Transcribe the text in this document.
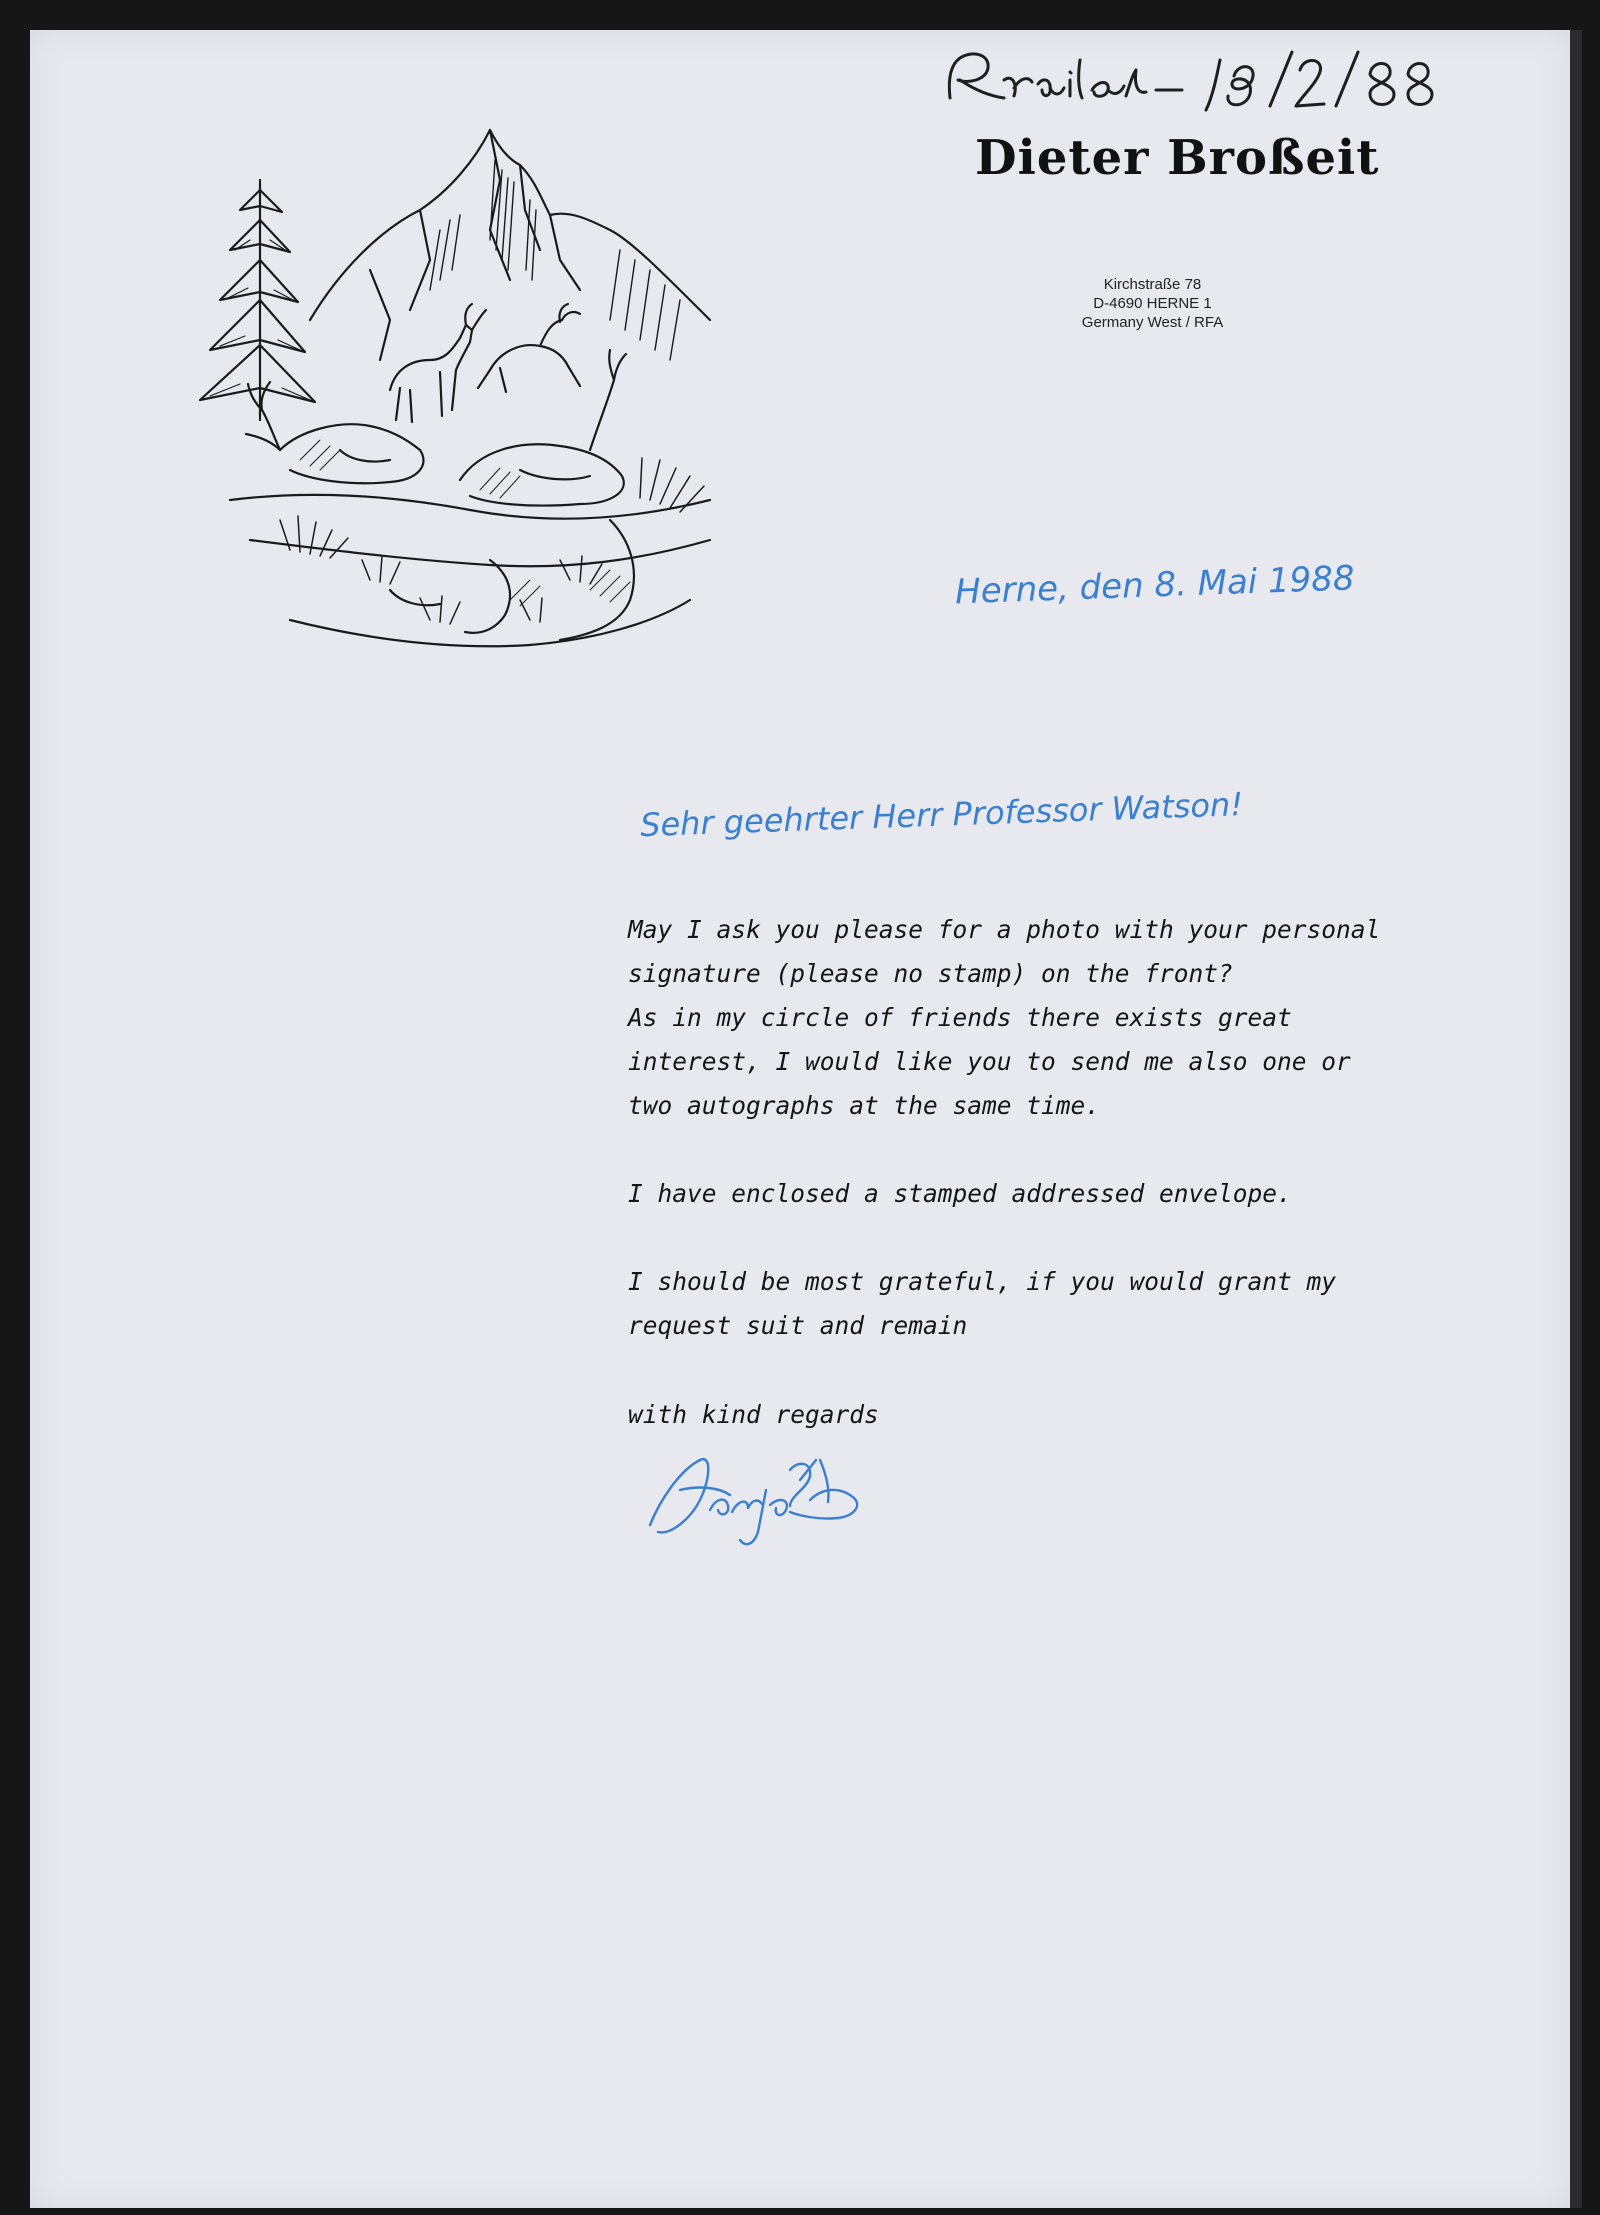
Brosseit – 8/2/88
Dieter Broßeit
Kirchstraße 78
D-4690 HERNE 1
Germany West / RFA
Herne, den 8. Mai 1988
Sehr geehrter Herr Professor Watson!
May I ask you please for a photo with your personal
signature (please no stamp) on the front?
As in my circle of friends there exists great
interest, I would like you to send me also one or
two autographs at the same time.
I have enclosed a stamped addressed envelope.
I should be most grateful, if you would grant my
request suit and remain
with kind regards
Dieter Broßeit
